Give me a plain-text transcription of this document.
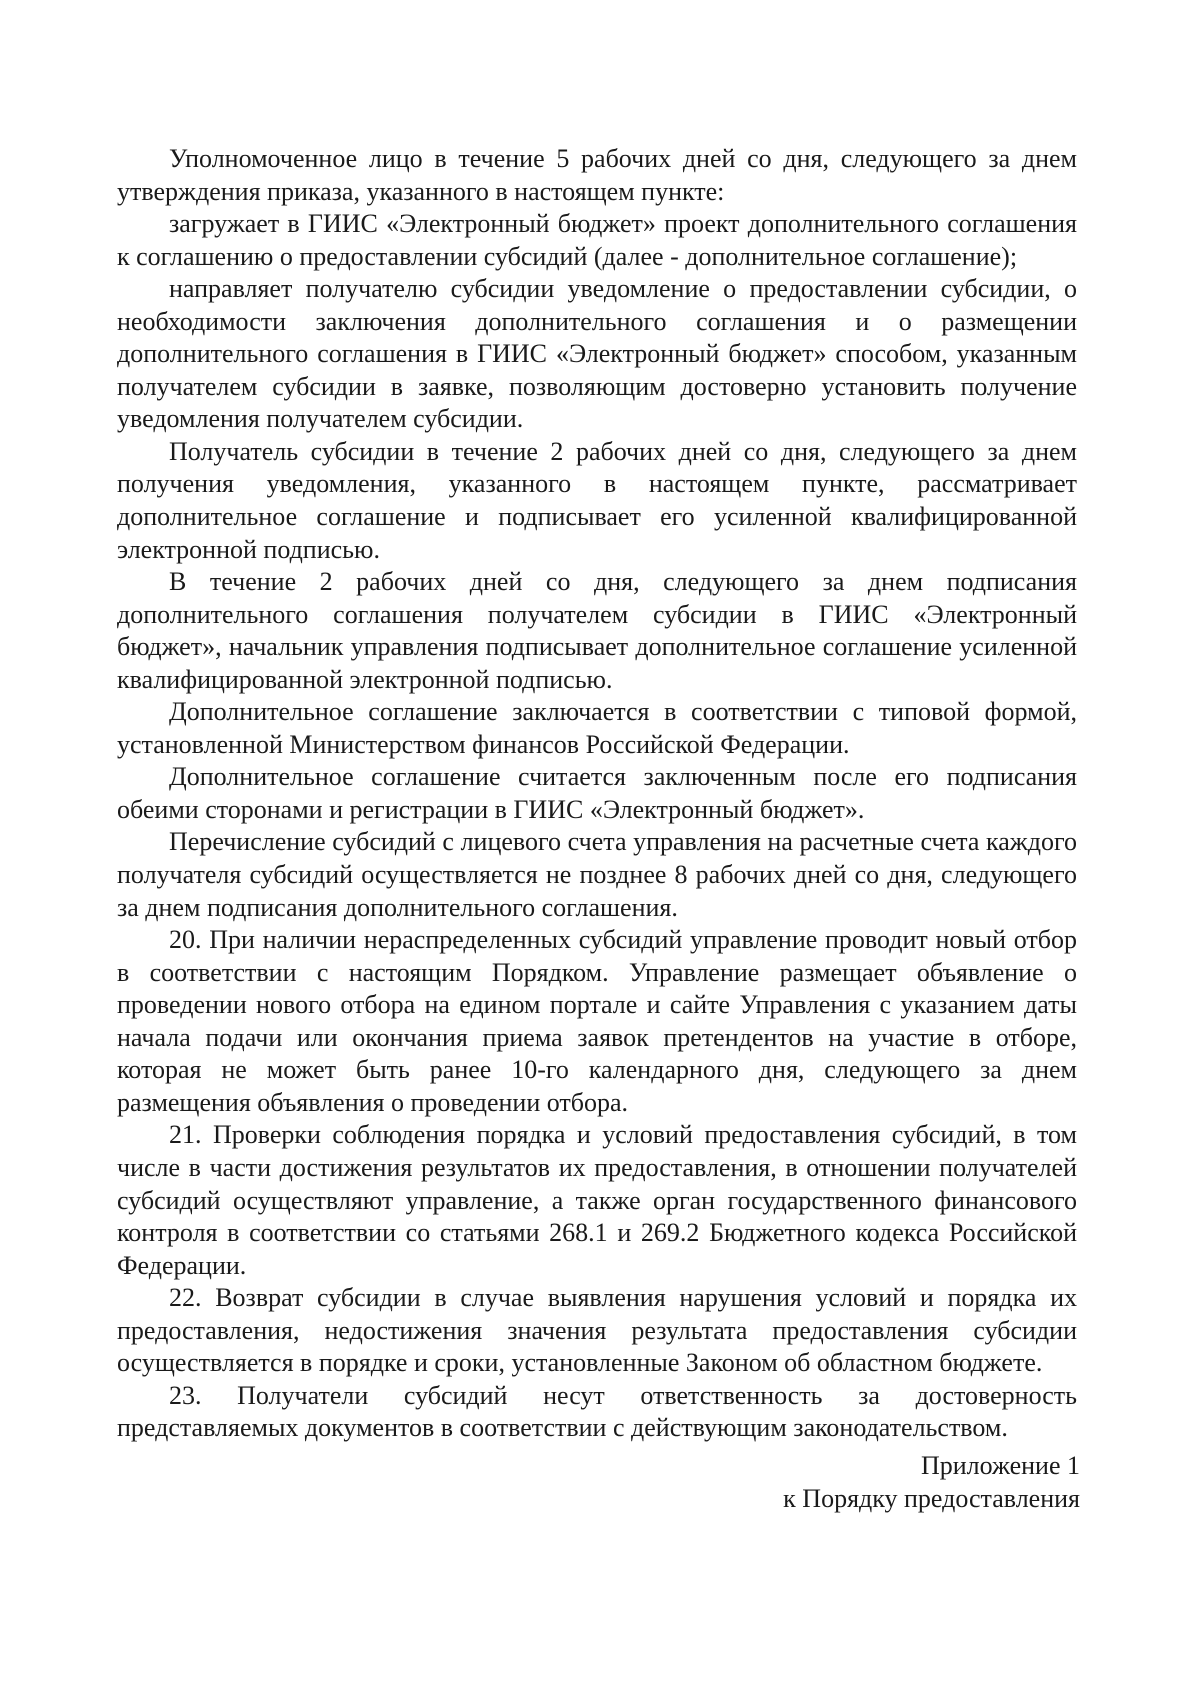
Уполномоченное лицо в течение 5 рабочих дней со дня, следующего за днем утверждения приказа, указанного в настоящем пункте:

загружает в ГИИС «Электронный бюджет» проект дополнительного соглашения к соглашению о предоставлении субсидий (далее - дополнительное соглашение);

направляет получателю субсидии уведомление о предоставлении субсидии, о необходимости заключения дополнительного соглашения и о размещении дополнительного соглашения в ГИИС «Электронный бюджет» способом, указанным получателем субсидии в заявке, позволяющим достоверно установить получение уведомления получателем субсидии.

Получатель субсидии в течение 2 рабочих дней со дня, следующего за днем получения уведомления, указанного в настоящем пункте, рассматривает дополнительное соглашение и подписывает его усиленной квалифицированной электронной подписью.

В течение 2 рабочих дней со дня, следующего за днем подписания дополнительного соглашения получателем субсидии в ГИИС «Электронный бюджет», начальник управления подписывает дополнительное соглашение усиленной квалифицированной электронной подписью.

Дополнительное соглашение заключается в соответствии с типовой формой, установленной Министерством финансов Российской Федерации.

Дополнительное соглашение считается заключенным после его подписания обеими сторонами и регистрации в ГИИС «Электронный бюджет».

Перечисление субсидий с лицевого счета управления на расчетные счета каждого получателя субсидий осуществляется не позднее 8 рабочих дней со дня, следующего за днем подписания дополнительного соглашения.

20. При наличии нераспределенных субсидий управление проводит новый отбор в соответствии с настоящим Порядком. Управление размещает объявление о проведении нового отбора на едином портале и сайте Управления с указанием даты начала подачи или окончания приема заявок претендентов на участие в отборе, которая не может быть ранее 10-го календарного дня, следующего за днем размещения объявления о проведении отбора.

21. Проверки соблюдения порядка и условий предоставления субсидий, в том числе в части достижения результатов их предоставления, в отношении получателей субсидий осуществляют управление, а также орган государственного финансового контроля в соответствии со статьями 268.1 и 269.2 Бюджетного кодекса Российской Федерации.

22. Возврат субсидии в случае выявления нарушения условий и порядка их предоставления, недостижения значения результата предоставления субсидии осуществляется в порядке и сроки, установленные Законом об областном бюджете.

23. Получатели субсидий несут ответственность за достоверность представляемых документов в соответствии с действующим законодательством.

Приложение 1
к Порядку предоставления
